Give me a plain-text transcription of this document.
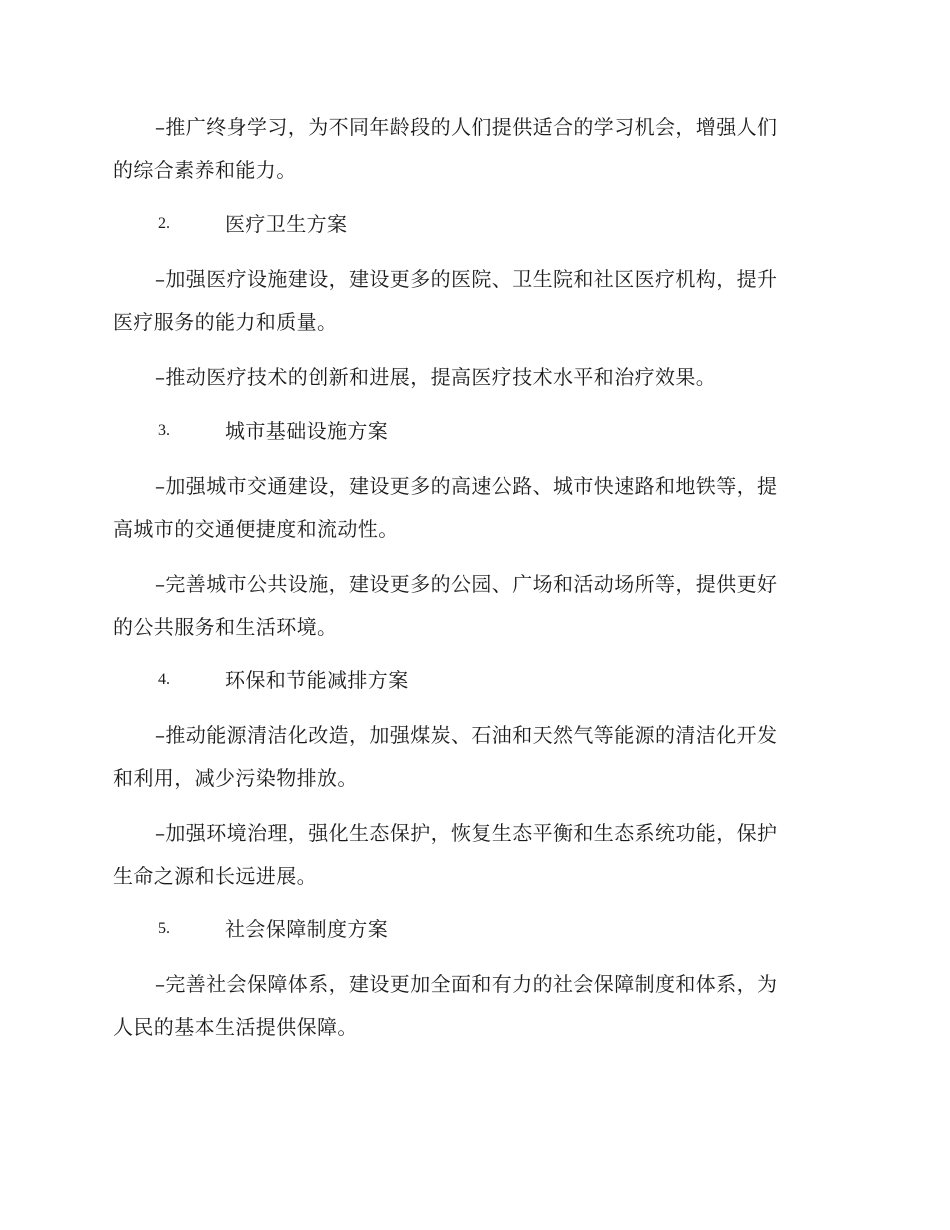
–推广终身学习，为不同年龄段的人们提供适合的学习机会，增强人们
的综合素养和能力。
2.	医疗卫生方案
–加强医疗设施建设，建设更多的医院、卫生院和社区医疗机构，提升
医疗服务的能力和质量。
–推动医疗技术的创新和进展，提高医疗技术水平和治疗效果。
3.	城市基础设施方案
–加强城市交通建设，建设更多的高速公路、城市快速路和地铁等，提
高城市的交通便捷度和流动性。
–完善城市公共设施，建设更多的公园、广场和活动场所等，提供更好
的公共服务和生活环境。
4.	环保和节能减排方案
–推动能源清洁化改造，加强煤炭、石油和天然气等能源的清洁化开发
和利用，减少污染物排放。
–加强环境治理，强化生态保护，恢复生态平衡和生态系统功能，保护
生命之源和长远进展。
5.	社会保障制度方案
–完善社会保障体系，建设更加全面和有力的社会保障制度和体系，为
人民的基本生活提供保障。
